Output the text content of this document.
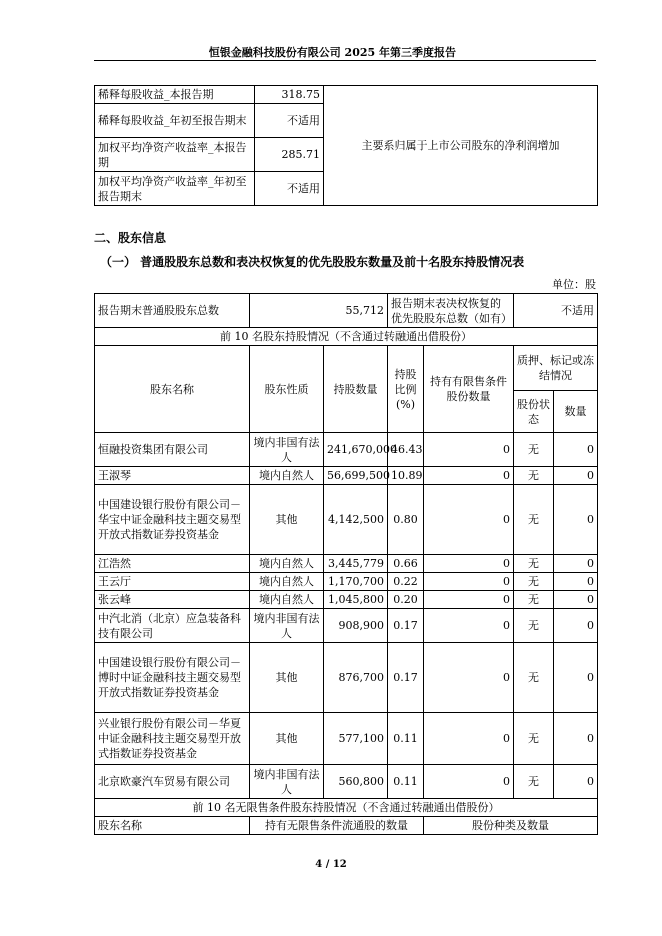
恒银金融科技股份有限公司 2025 年第三季度报告
稀释每股收益_本报告期	318.75	主要系归属于上市公司股东的净利润增加
稀释每股收益_年初至报告期末	不适用	
加权平均净资产收益率_本报告期	285.71	
加权平均净资产收益率_年初至报告期末	不适用	
二、股东信息
（一） 普通股股东总数和表决权恢复的优先股股东数量及前十名股东持股情况表
单位：股
报告期末普通股股东总数	55,712		报告期末表决权恢复的优先股股东总数（如有）		不适用	
前 10 名股东持股情况（不含通过转融通出借股份）						
股东名称	股东性质	持股数量	持股比例(%)	持有有限售条件股份数量	质押、标记或冻结情况	
					股份状态	数量
恒融投资集团有限公司	境内非国有法人	241,670,000	46.43	0	无	0
王淑琴	境内自然人	56,699,500	10.89	0	无	0
中国建设银行股份有限公司－华宝中证金融科技主题交易型开放式指数证券投资基金	其他	4,142,500	0.80	0	无	0
江浩然	境内自然人	3,445,779	0.66	0	无	0
王云厅	境内自然人	1,170,700	0.22	0	无	0
张云峰	境内自然人	1,045,800	0.20	0	无	0
中汽北消（北京）应急装备科技有限公司	境内非国有法人	908,900	0.17	0	无	0
中国建设银行股份有限公司－博时中证金融科技主题交易型开放式指数证券投资基金	其他	876,700	0.17	0	无	0
兴业银行股份有限公司－华夏中证金融科技主题交易型开放式指数证券投资基金	其他	577,100	0.11	0	无	0
北京欧豪汽车贸易有限公司	境内非国有法人	560,800	0.11	0	无	0
前 10 名无限售条件股东持股情况（不含通过转融通出借股份）						
股东名称	持有无限售条件流通股的数量			股份种类及数量		
4 / 12
